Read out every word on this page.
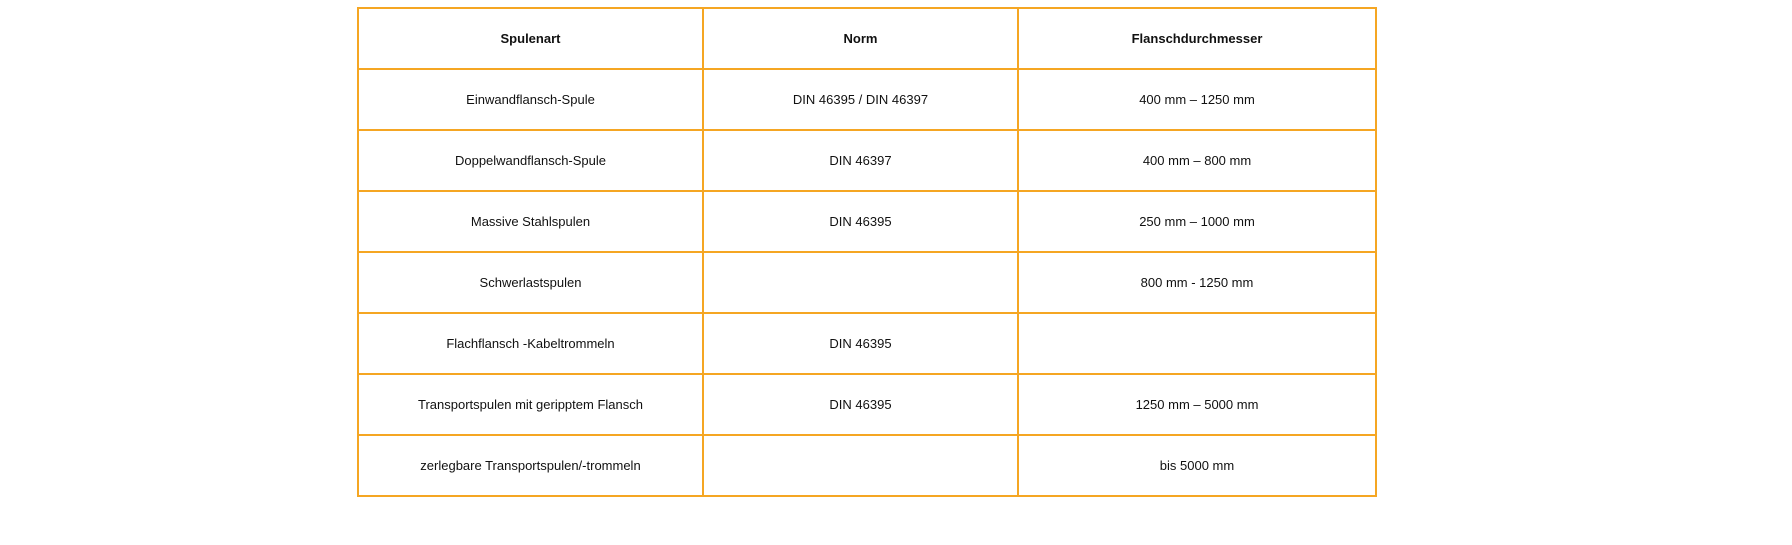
Spulenart	Norm	Flanschdurchmesser
Einwandflansch-Spule	DIN 46395 / DIN 46397	400 mm – 1250 mm
Doppelwandflansch-Spule	DIN 46397	400 mm – 800 mm
Massive Stahlspulen	DIN 46395	250 mm – 1000 mm
Schwerlastspulen		800 mm - 1250 mm
Flachflansch -Kabeltrommeln	DIN 46395	
Transportspulen mit geripptem Flansch	DIN 46395	1250 mm – 5000 mm
zerlegbare Transportspulen/-trommeln		bis 5000 mm
